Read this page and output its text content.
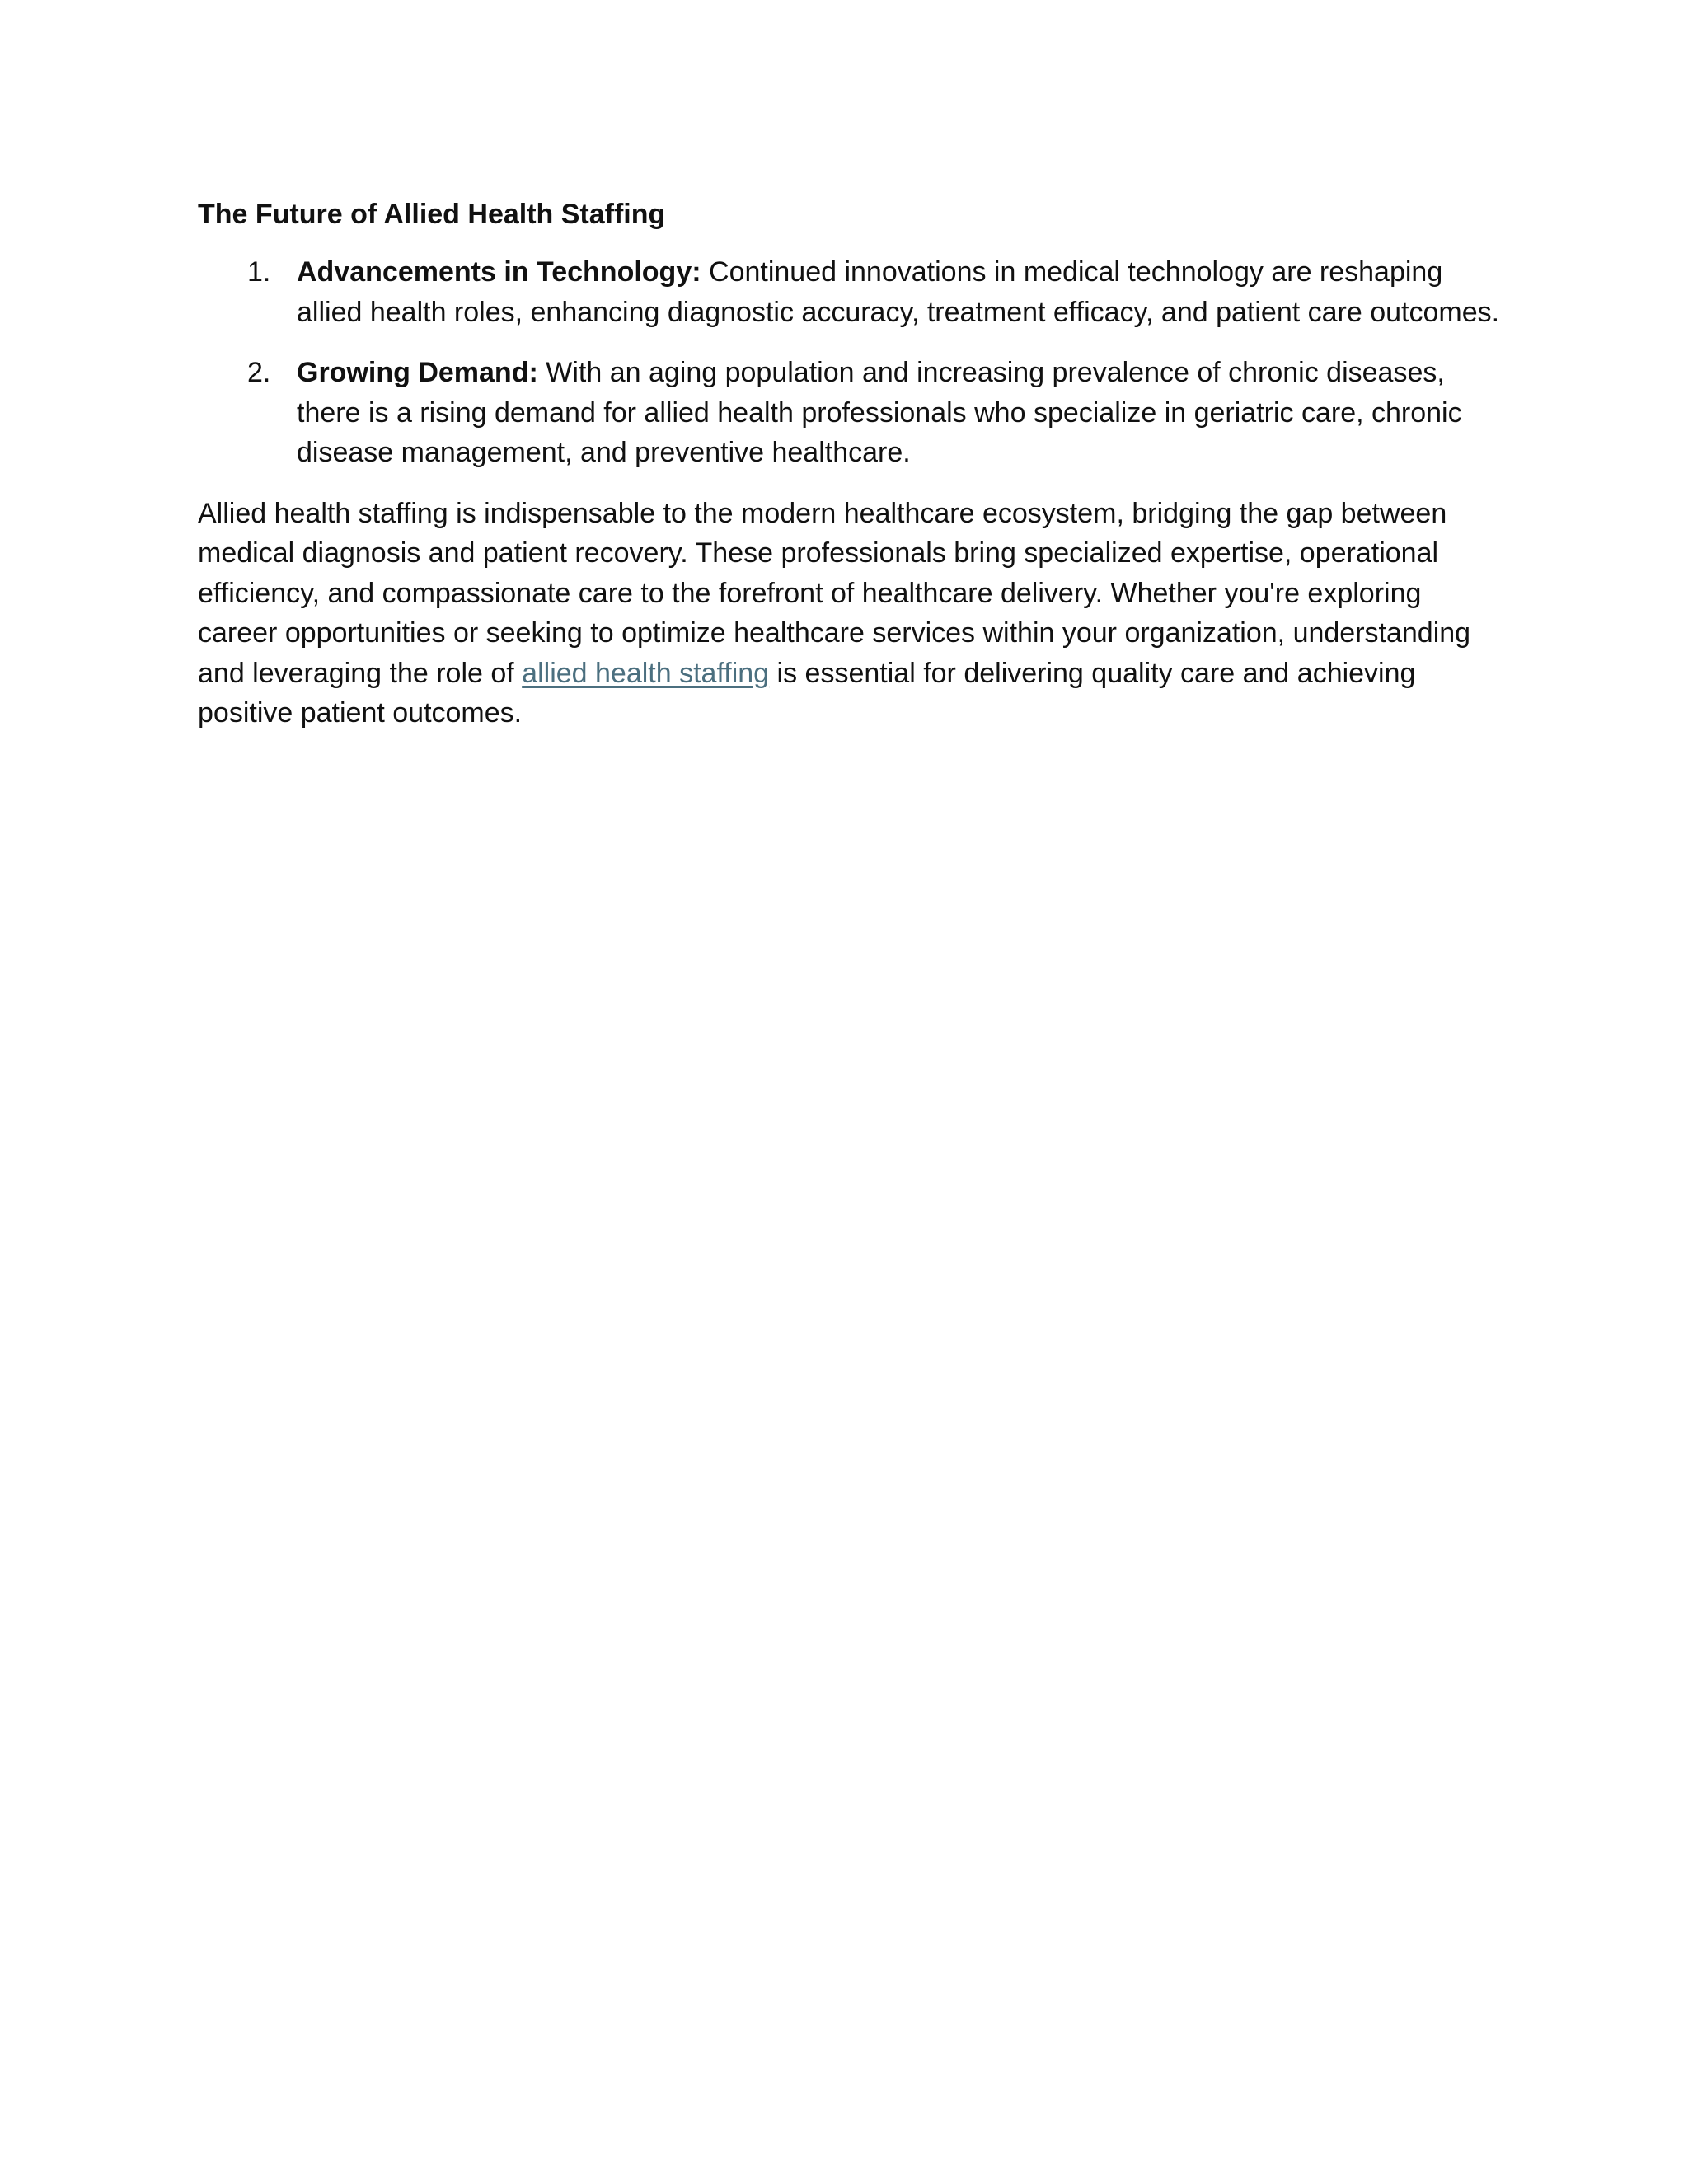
The Future of Allied Health Staffing
1. Advancements in Technology: Continued innovations in medical technology are reshaping allied health roles, enhancing diagnostic accuracy, treatment efficacy, and patient care outcomes.
2. Growing Demand: With an aging population and increasing prevalence of chronic diseases, there is a rising demand for allied health professionals who specialize in geriatric care, chronic disease management, and preventive healthcare.

Allied health staffing is indispensable to the modern healthcare ecosystem, bridging the gap between medical diagnosis and patient recovery. These professionals bring specialized expertise, operational efficiency, and compassionate care to the forefront of healthcare delivery. Whether you're exploring career opportunities or seeking to optimize healthcare services within your organization, understanding and leveraging the role of allied health staffing is essential for delivering quality care and achieving positive patient outcomes.
